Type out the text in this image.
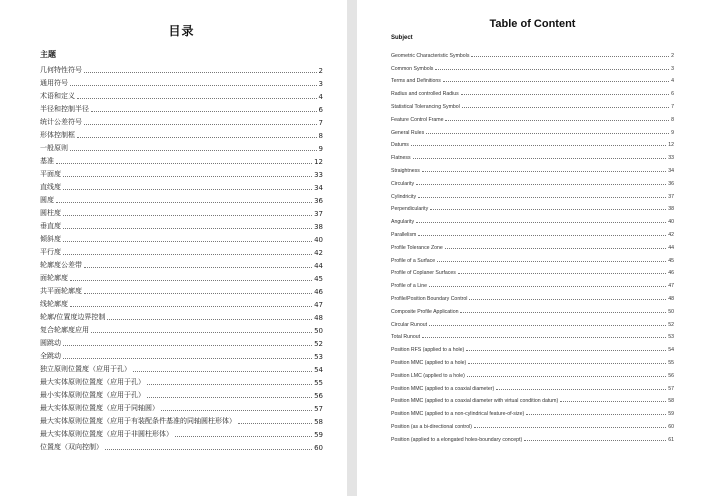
目录
主题
几何特性符号	2
通用符号	3
术语和定义	4
半径和控制半径	6
统计公差符号	7
形体控制框	8
一般原则	9
基准	12
平面度	33
直线度	34
圆度	36
圆柱度	37
垂直度	38
倾斜度	40
平行度	42
轮廓度公差带	44
面轮廓度	45
共平面轮廓度	46
线轮廓度	47
轮廓/位置度边界控制	48
复合轮廓度应用	50
圆跳动	52
全跳动	53
独立原则位置度（应用于孔）	54
最大实体原则位置度（应用于孔）	55
最小实体原则位置度（应用于孔）	56
最大实体原则位置度（应用于同轴圆）	57
最大实体原则位置度（应用于有装配条件基准的同轴圆柱形体）	58
最大实体原则位置度（应用于非圆柱形体）	59
位置度（双向控制）	60
Table of Content
Subject
Geometric Characteristic Symbols	2
Common Symbols	3
Terms and Definitions	4
Radius and controlled Radius	6
Statistical Tolerancing Symbol	7
Feature Control Frame	8
General Rules	9
Datums	12
Flatness	33
Straightness	34
Circularity	36
Cylindricity	37
Perpendicularity	38
Angularity	40
Parallelism	42
Profile Tolerance Zone	44
Profile of a Surface	45
Profile of Coplaner Surfaces	46
Profile of a Line	47
Profile/Position Boundary Control	48
Composite Profile Application	50
Circular Runout	52
Total Runout	53
Position RFS (applied to a hole)	54
Position MMC (applied to a hole)	55
Position LMC (applied to a hole)	56
Position MMC (applied to a coaxial diameter)	57
Position MMC (applied to a coaxial diameter with virtual condition datum)	58
Position MMC (applied to a non-cylindrical feature-of-size)	59
Position (as a bi-directional control)	60
Position (applied to a elongated holes-boundary concept)	61
